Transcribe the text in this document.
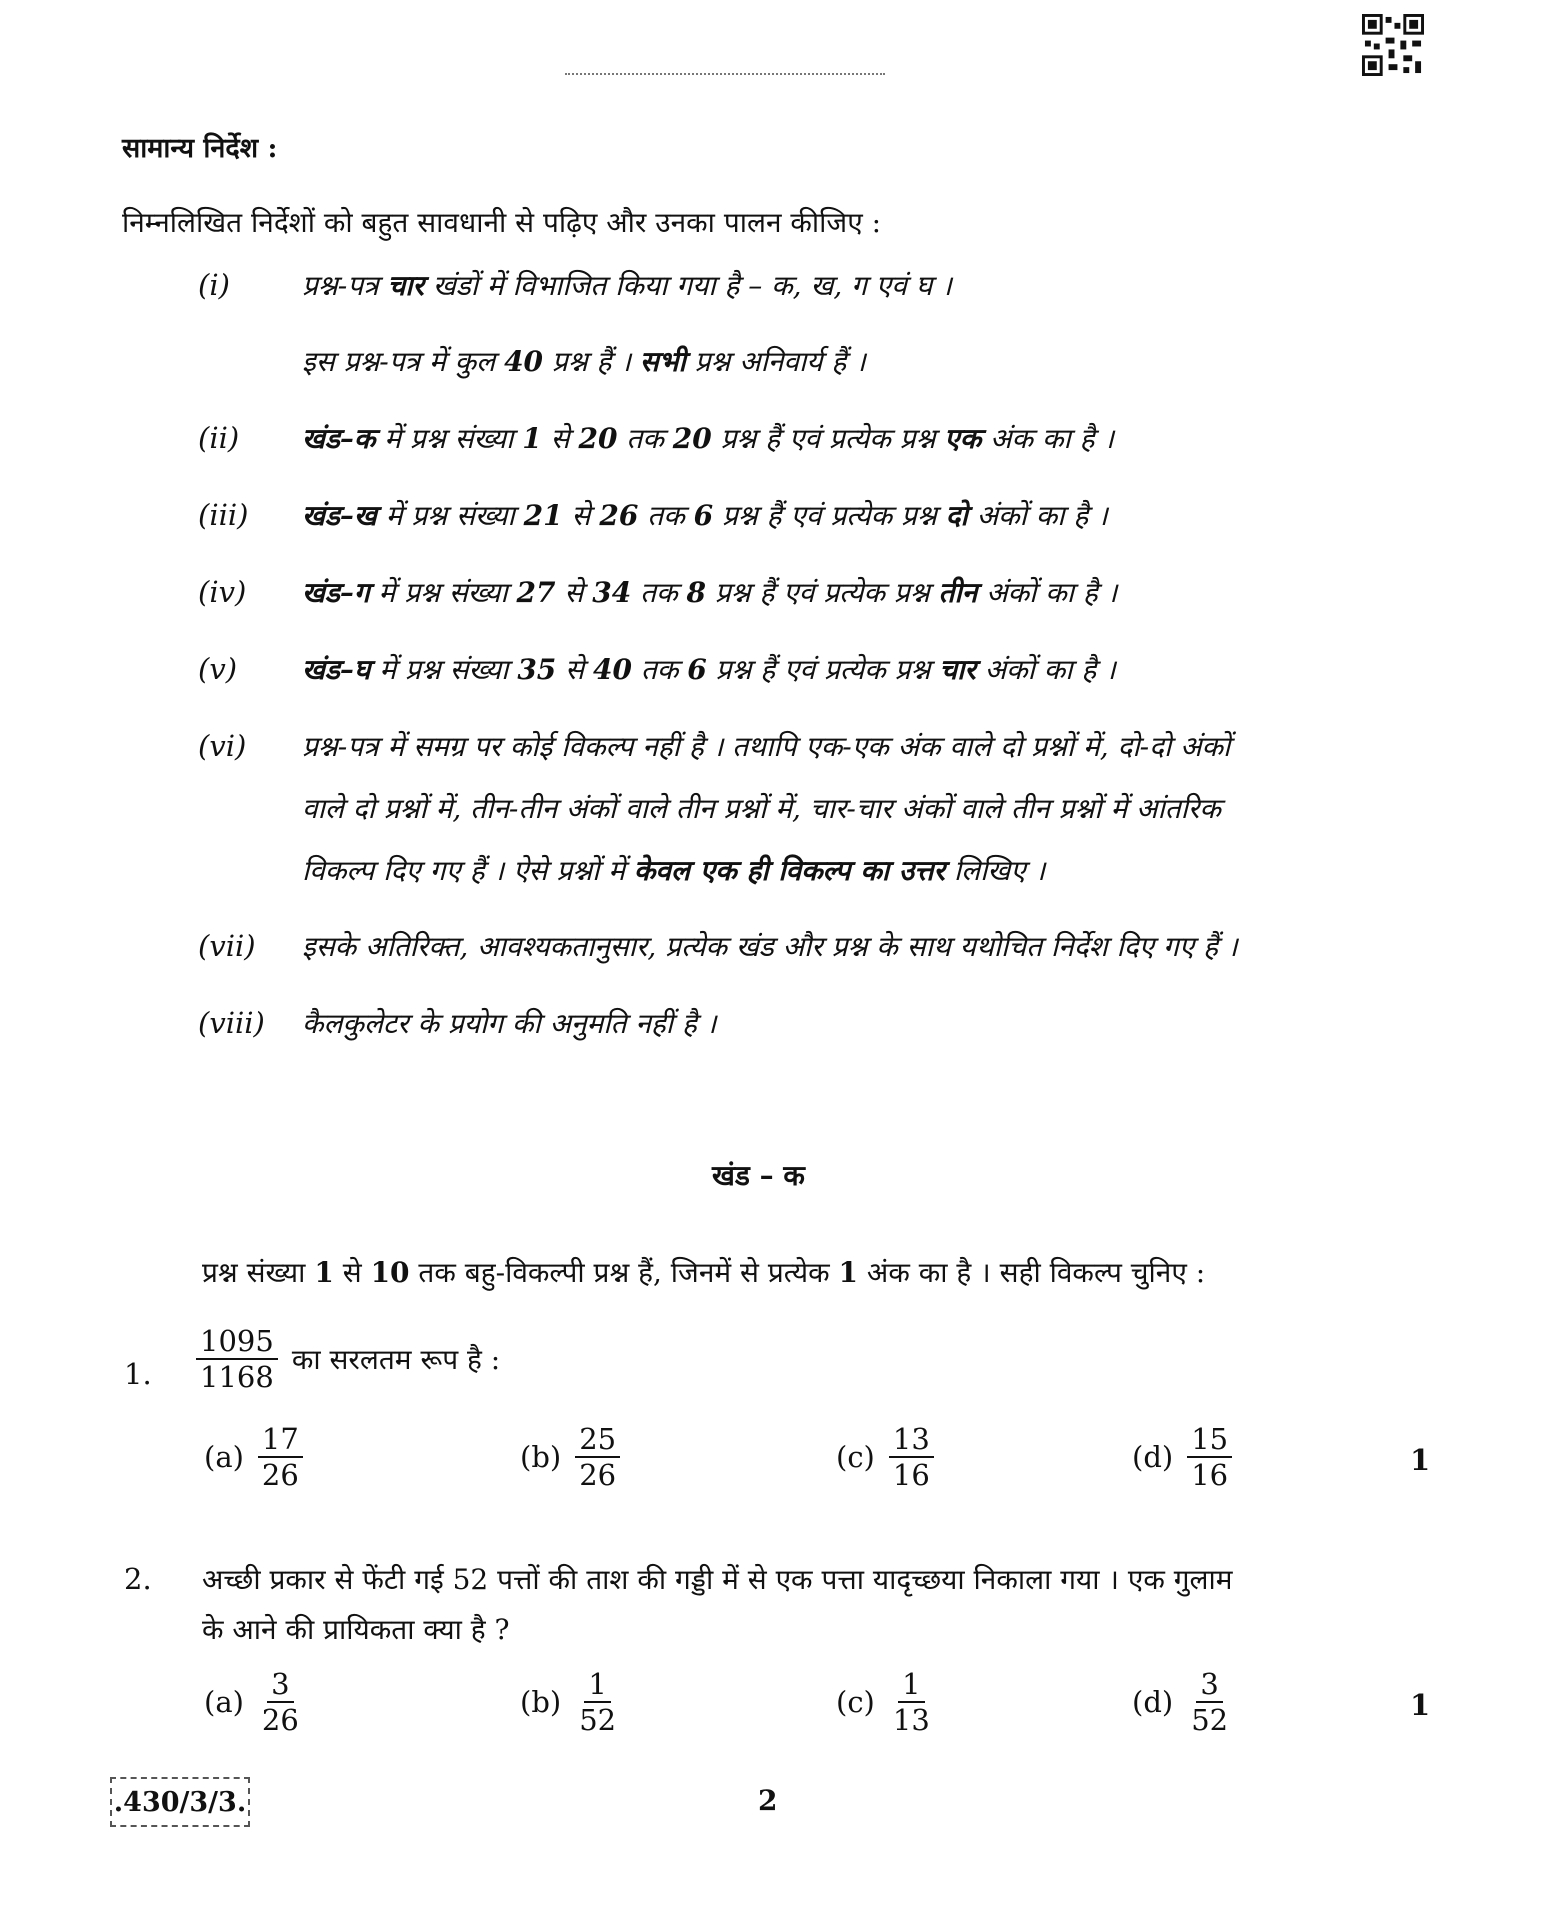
सामान्य निर्देश :
निम्नलिखित निर्देशों को बहुत सावधानी से पढ़िए और उनका पालन कीजिए :
(i)	प्रश्न-पत्र चार खंडों में विभाजित किया गया है – क, ख, ग एवं घ ।
इस प्रश्न-पत्र में कुल 40 प्रश्न हैं । सभी प्रश्न अनिवार्य हैं ।
(ii) खंड–क में प्रश्न संख्या 1 से 20 तक 20 प्रश्न हैं एवं प्रत्येक प्रश्न एक अंक का है ।
(iii) खंड–ख में प्रश्न संख्या 21 से 26 तक 6 प्रश्न हैं एवं प्रत्येक प्रश्न दो अंकों का है ।
(iv) खंड–ग में प्रश्न संख्या 27 से 34 तक 8 प्रश्न हैं एवं प्रत्येक प्रश्न तीन अंकों का है ।
(v) खंड–घ में प्रश्न संख्या 35 से 40 तक 6 प्रश्न हैं एवं प्रत्येक प्रश्न चार अंकों का है ।
(vi) प्रश्न-पत्र में समग्र पर कोई विकल्प नहीं है । तथापि एक-एक अंक वाले दो प्रश्नों में, दो-दो अंकों
वाले दो प्रश्नों में, तीन-तीन अंकों वाले तीन प्रश्नों में, चार-चार अंकों वाले तीन प्रश्नों में आंतरिक
विकल्प दिए गए हैं । ऐसे प्रश्नों में केवल एक ही विकल्प का उत्तर लिखिए ।
(vii) इसके अतिरिक्त, आवश्यकतानुसार, प्रत्येक खंड और प्रश्न के साथ यथोचित निर्देश दिए गए हैं ।
(viii) कैलकुलेटर के प्रयोग की अनुमति नहीं है ।
खंड – क
प्रश्न संख्या 1 से 10 तक बहु-विकल्पी प्रश्न हैं, जिनमें से प्रत्येक 1 अंक का है । सही विकल्प चुनिए :
1. $\frac{1095}{1168}$ का सरलतम रूप है :
$(a) \frac{17}{26}$	$(b) \frac{25}{26}$	$(c) \frac{13}{16}$	$(d) \frac{15}{16}$	1
2. अच्छी प्रकार से फेंटी गई 52 पत्तों की ताश की गड्डी में से एक पत्ता यादृच्छया निकाला गया । एक गुलाम
के आने की प्रायिकता क्या है ?
$(a) \frac{3}{26}$	$(b) \frac{1}{52}$	$(c) \frac{1}{13}$	$(d) \frac{3}{52}$	1
.430/3/3.	2
